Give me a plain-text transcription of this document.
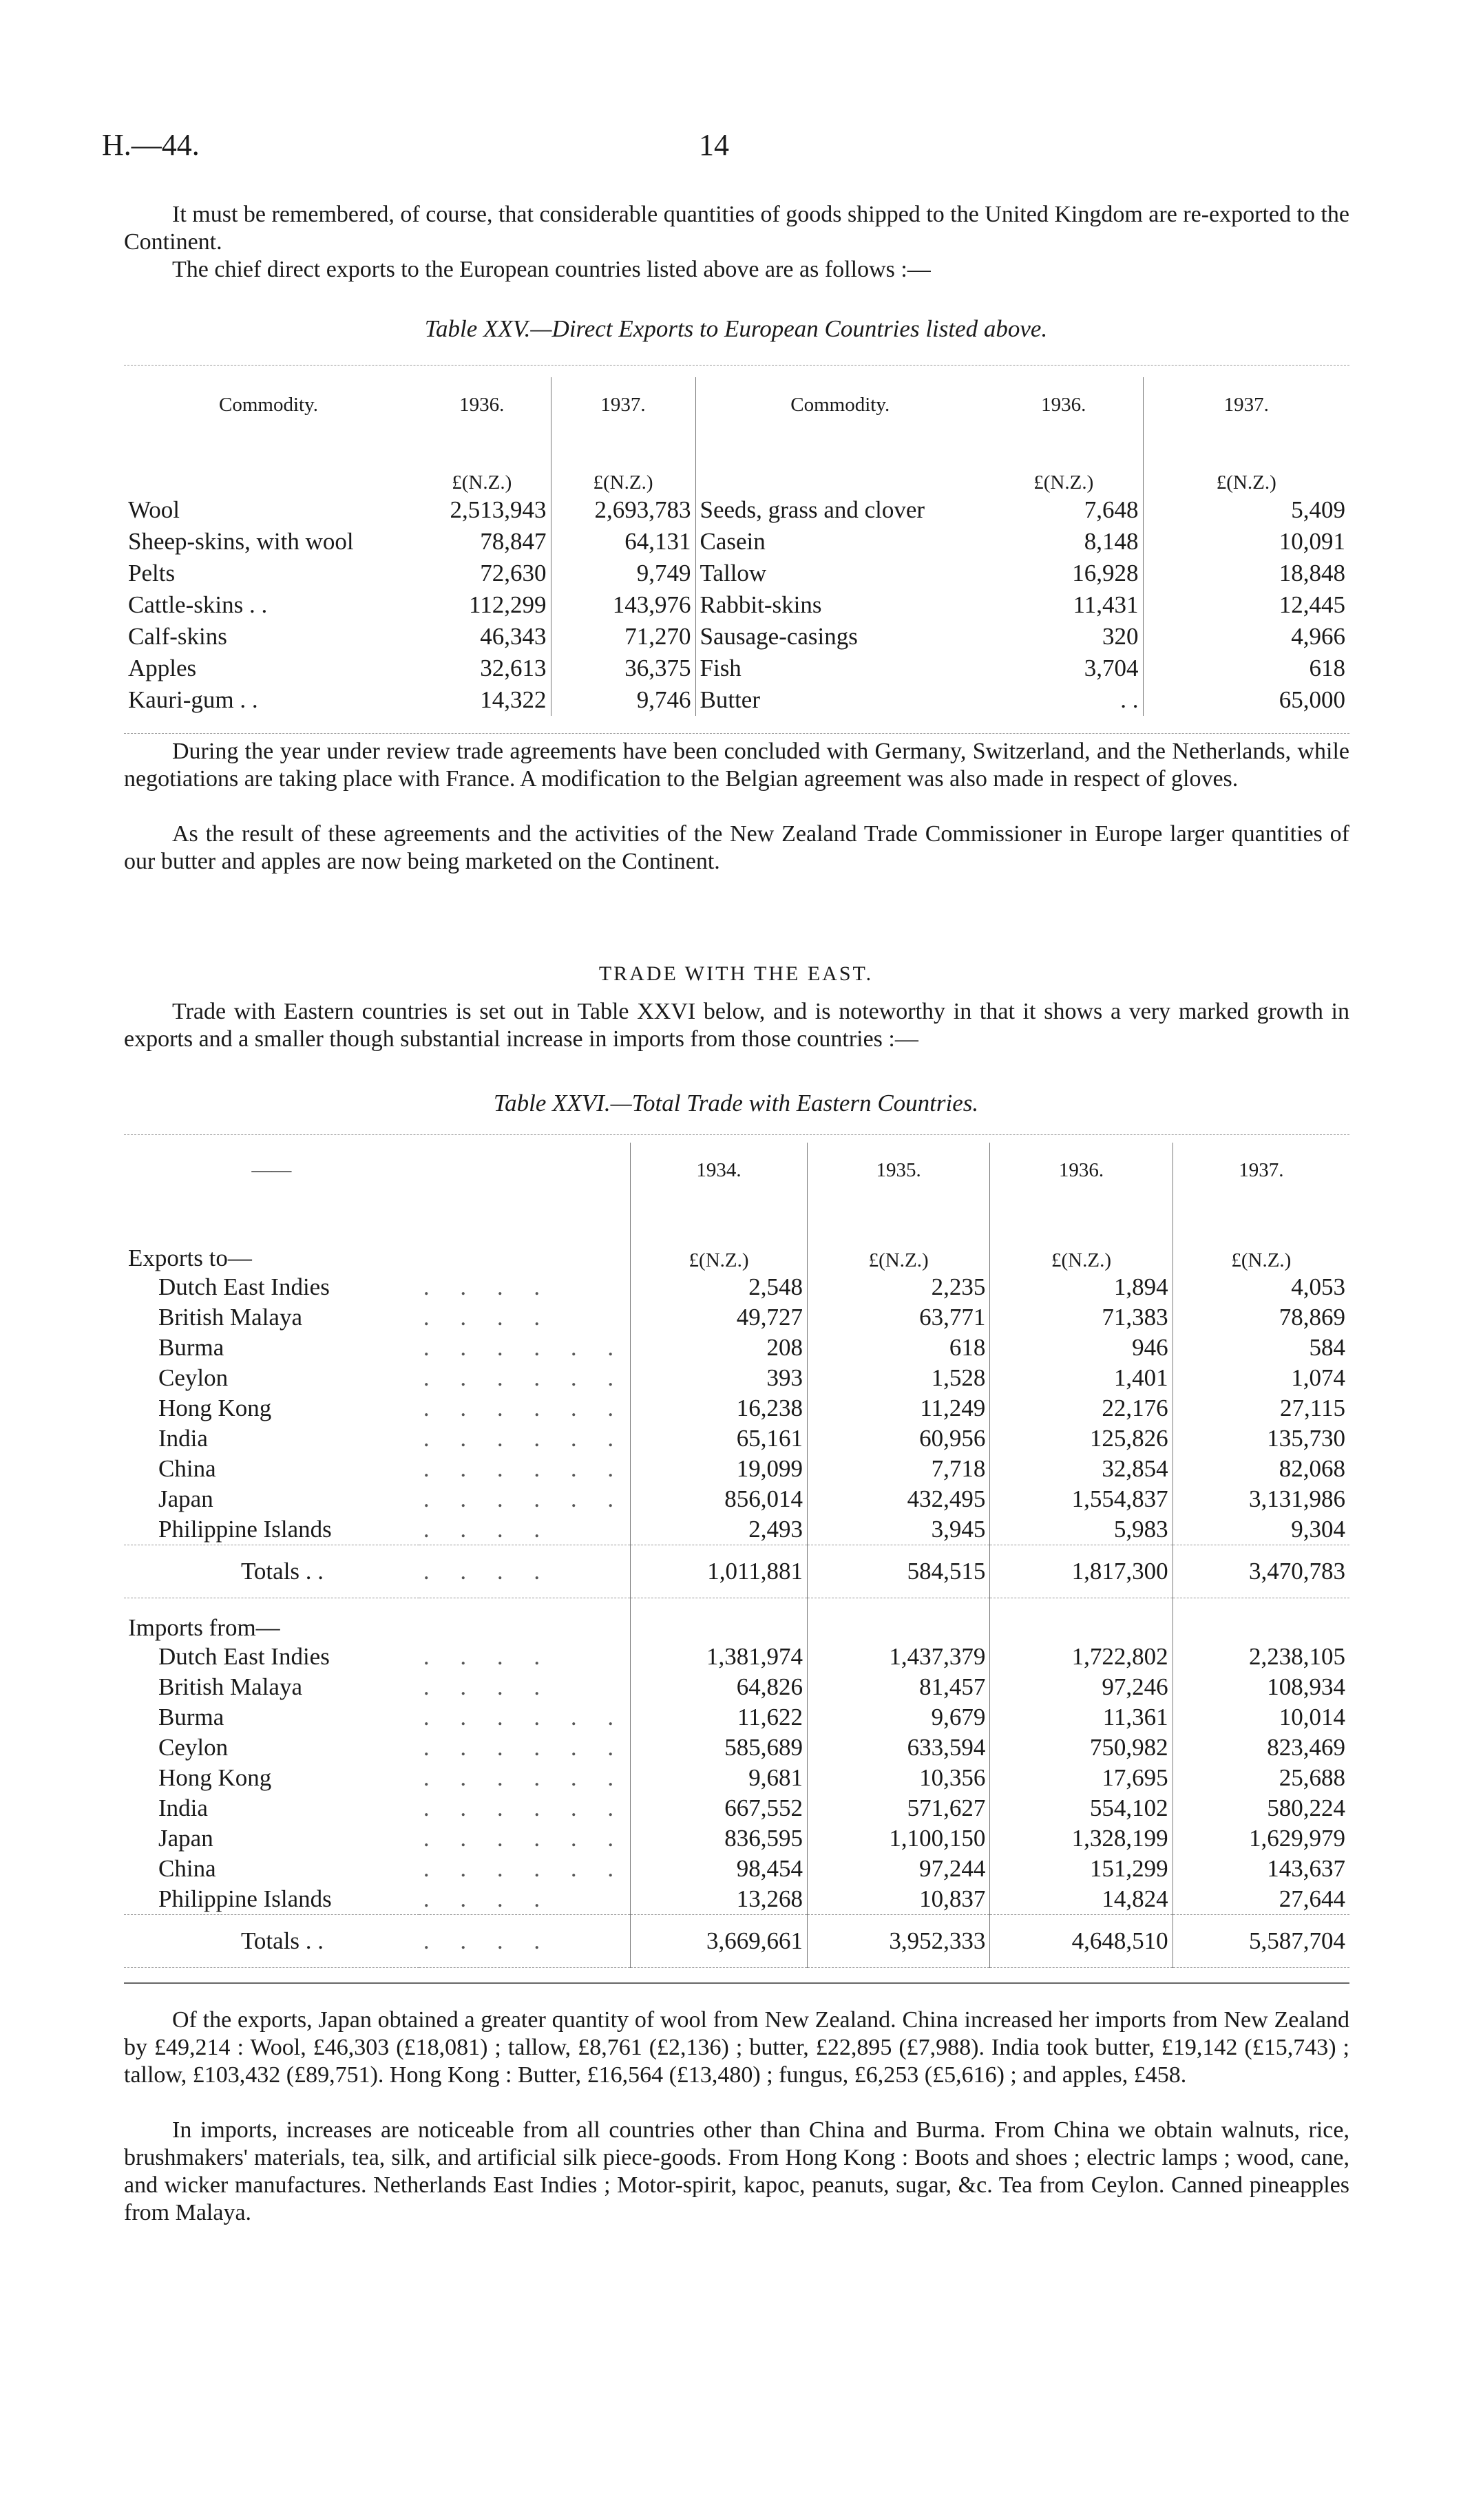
H.—44.	14

It must be remembered, of course, that considerable quantities of goods shipped to the United Kingdom are re-exported to the Continent.

The chief direct exports to the European countries listed above are as follows :—

Table XXV.—Direct Exports to European Countries listed above.
Commodity.	1936.	1937.	Commodity.	1936.	1937.
	£(N.Z.)	£(N.Z.)		£(N.Z.)	£(N.Z.)
Wool	2,513,943	2,693,783	Seeds, grass and clover	7,648	5,409
Sheep-skins, with wool	78,847	64,131	Casein	8,148	10,091
Pelts	72,630	9,749	Tallow	16,928	18,848
Cattle-skins . .	112,299	143,976	Rabbit-skins	11,431	12,445
Calf-skins	46,343	71,270	Sausage-casings	320	4,966
Apples	32,613	36,375	Fish	3,704	618
Kauri-gum . .	14,322	9,746	Butter	. .	65,000

During the year under review trade agreements have been concluded with Germany, Switzerland, and the Netherlands, while negotiations are taking place with France. A modification to the Belgian agreement was also made in respect of gloves.

As the result of these agreements and the activities of the New Zealand Trade Commissioner in Europe larger quantities of our butter and apples are now being marketed on the Continent.

TRADE WITH THE EAST.

Trade with Eastern countries is set out in Table XXVI below, and is noteworthy in that it shows a very marked growth in exports and a smaller though substantial increase in imports from those countries :—

Table XXVI.—Total Trade with Eastern Countries.
——		1934.	1935.	1936.	1937.
Exports to—		£(N.Z.)	£(N.Z.)	£(N.Z.)	£(N.Z.)
Dutch East Indies	. . . .	2,548	2,235	1,894	4,053
British Malaya	. . . .	49,727	63,771	71,383	78,869
Burma	. . . . . .	208	618	946	584
Ceylon	. . . . . .	393	1,528	1,401	1,074
Hong Kong	. . . . . .	16,238	11,249	22,176	27,115
India	. . . . . .	65,161	60,956	125,826	135,730
China	. . . . . .	19,099	7,718	32,854	82,068
Japan	. . . . . .	856,014	432,495	1,554,837	3,131,986
Philippine Islands	. . . .	2,493	3,945	5,983	9,304
Totals . .	. . . .	1,011,881	584,515	1,817,300	3,470,783
Imports from—					
Dutch East Indies	. . . .	1,381,974	1,437,379	1,722,802	2,238,105
British Malaya	. . . .	64,826	81,457	97,246	108,934
Burma	. . . . . .	11,622	9,679	11,361	10,014
Ceylon	. . . . . .	585,689	633,594	750,982	823,469
Hong Kong	. . . . . .	9,681	10,356	17,695	25,688
India	. . . . . .	667,552	571,627	554,102	580,224
Japan	. . . . . .	836,595	1,100,150	1,328,199	1,629,979
China	. . . . . .	98,454	97,244	151,299	143,637
Philippine Islands	. . . .	13,268	10,837	14,824	27,644
Totals . .	. . . .	3,669,661	3,952,333	4,648,510	5,587,704

Of the exports, Japan obtained a greater quantity of wool from New Zealand. China increased her imports from New Zealand by £49,214 : Wool, £46,303 (£18,081) ; tallow, £8,761 (£2,136) ; butter, £22,895 (£7,988). India took butter, £19,142 (£15,743) ; tallow, £103,432 (£89,751). Hong Kong : Butter, £16,564 (£13,480) ; fungus, £6,253 (£5,616) ; and apples, £458.

In imports, increases are noticeable from all countries other than China and Burma. From China we obtain walnuts, rice, brushmakers' materials, tea, silk, and artificial silk piece-goods. From Hong Kong : Boots and shoes ; electric lamps ; wood, cane, and wicker manufactures. Netherlands East Indies ; Motor-spirit, kapoc, peanuts, sugar, &c. Tea from Ceylon. Canned pineapples from Malaya.
